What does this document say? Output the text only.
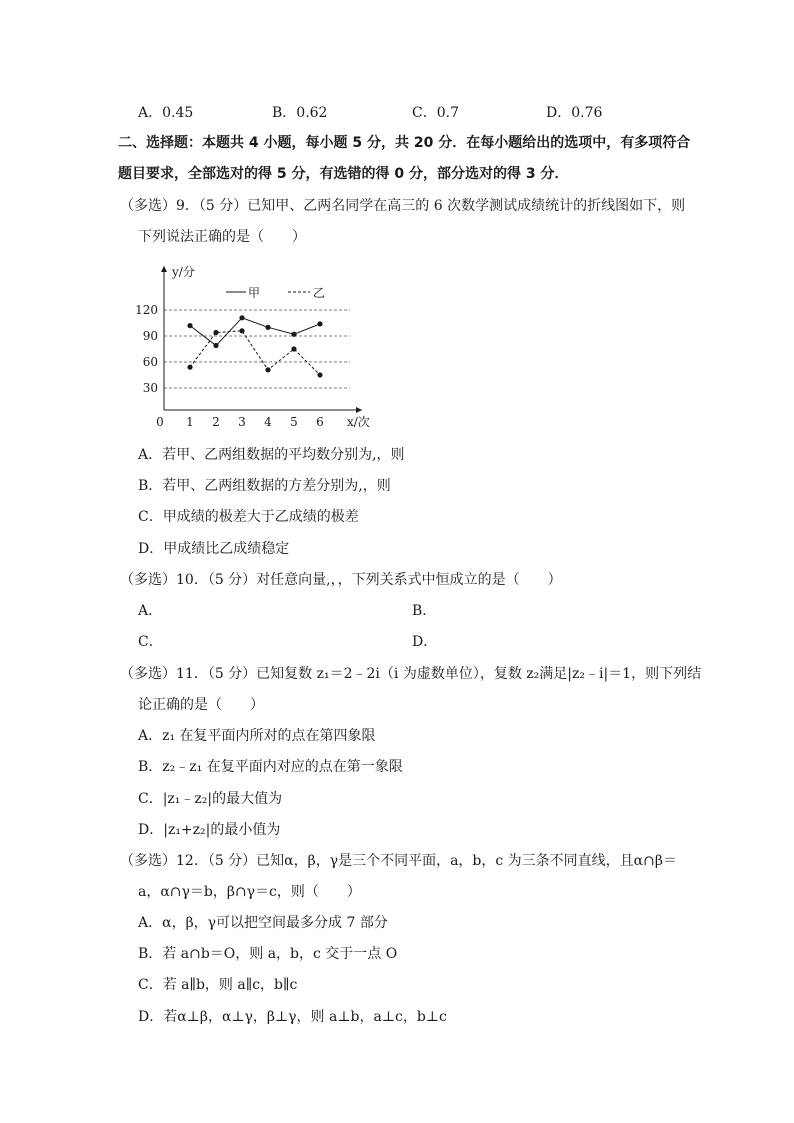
A．0.45	B．0.62	C．0.7	D．0.76
二、选择题：本题共 4 小题，每小题 5 分，共 20 分．在每小题给出的选项中，有多项符合
题目要求，全部选对的得 5 分，有选错的得 0 分，部分选对的得 3 分．
（多选）9．（5 分）已知甲、乙两名同学在高三的 6 次数学测试成绩统计的折线图如下，则
下列说法正确的是（　　）
y/分
x/次
0 1 2 3 4 5 6
30
60
90
120
甲	乙
A．若甲、乙两组数据的平均数分别为,，则
B．若甲、乙两组数据的方差分别为,，则
C．甲成绩的极差大于乙成绩的极差
D．甲成绩比乙成绩稳定
（多选）10．（5 分）对任意向量,，，下列关系式中恒成立的是（　　）
A．	B．
C．	D．
（多选）11．（5 分）已知复数 z₁＝2﹣2i（i 为虚数单位），复数 z₂满足|z₂﹣i|＝1，则下列结
论正确的是（　　）
A．z₁ 在复平面内所对的点在第四象限
B．z₂﹣z₁ 在复平面内对应的点在第一象限
C．|z₁﹣z₂|的最大值为
D．|z₁+z₂|的最小值为
（多选）12．（5 分）已知α，β，γ是三个不同平面，a，b，c 为三条不同直线，且α∩β＝
a，α∩γ＝b，β∩γ＝c，则（　　）
A．α，β，γ可以把空间最多分成 7 部分
B．若 a∩b＝O，则 a，b，c 交于一点 O
C．若 a∥b，则 a∥c，b∥c
D．若α⊥β，α⊥γ，β⊥γ，则 a⊥b，a⊥c，b⊥c
